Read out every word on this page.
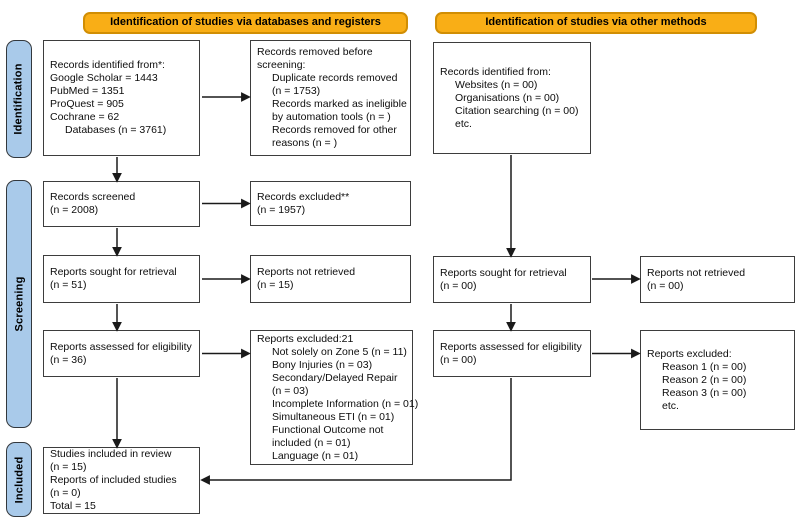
Identification of studies via databases and registers	Identification of studies via other methods
Identification
Screening
Included
Records identified from*:
Google Scholar = 1443
PubMed = 1351
ProQuest = 905
Cochrane = 62
Databases (n = 3761)
Records removed before
screening:
Duplicate records removed
(n = 1753)
Records marked as ineligible
by automation tools (n = )
Records removed for other
reasons (n = )
Records screened
(n = 2008)
Records excluded**
(n = 1957)
Reports sought for retrieval
(n = 51)
Reports not retrieved
(n = 15)
Reports assessed for eligibility
(n = 36)
Reports excluded:21
Not solely on Zone 5 (n = 11)
Bony Injuries (n = 03)
Secondary/Delayed Repair
(n = 03)
Incomplete Information (n = 01)
Simultaneous ETI (n = 01)
Functional Outcome not
included (n = 01)
Language (n = 01)
Studies included in review
(n = 15)
Reports of included studies
(n = 0)
Total = 15
Records identified from:
Websites (n = 00)
Organisations (n = 00)
Citation searching (n = 00)
etc.
Reports sought for retrieval
(n = 00)
Reports not retrieved
(n = 00)
Reports assessed for eligibility
(n = 00)	Reports excluded:
Reason 1 (n = 00)
Reason 2 (n = 00)
Reason 3 (n = 00)
etc.
